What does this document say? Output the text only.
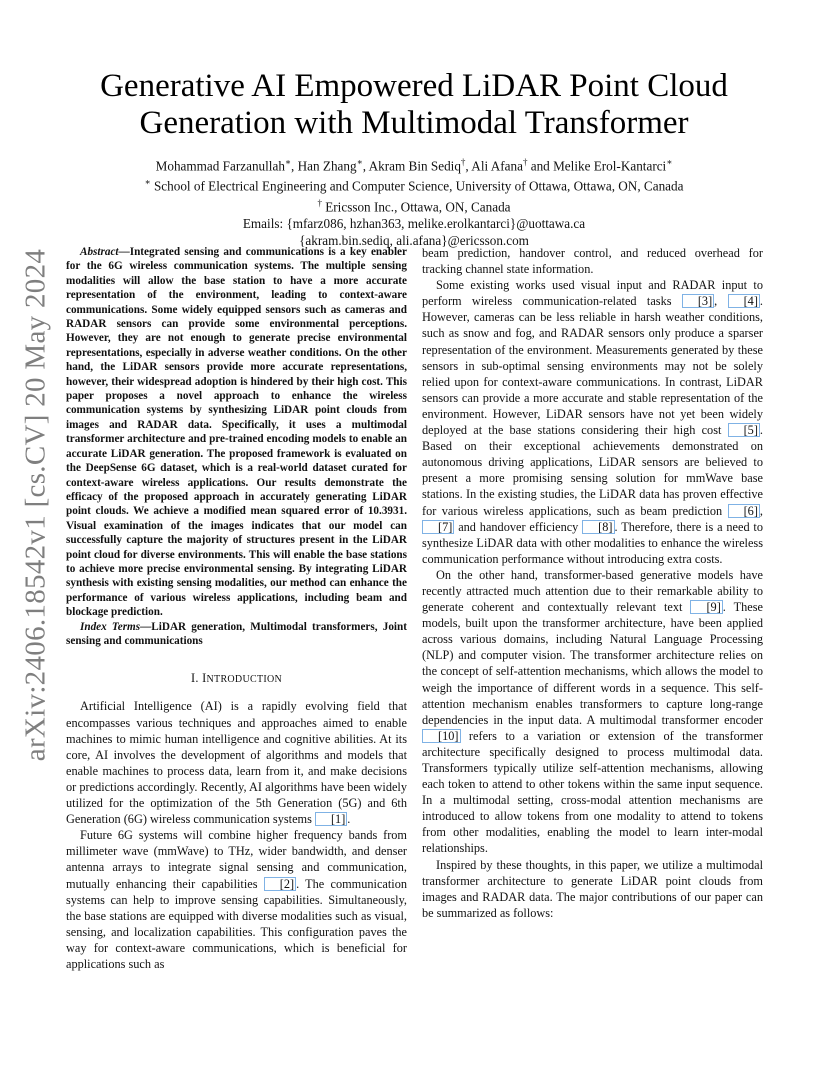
arXiv:2406.18542v1 [cs.CV] 20 May 2024
Generative AI Empowered LiDAR Point Cloud
Generation with Multimodal Transformer
Mohammad Farzanullah∗, Han Zhang∗, Akram Bin Sediq†, Ali Afana† and Melike Erol-Kantarci∗
∗ School of Electrical Engineering and Computer Science, University of Ottawa, Ottawa, ON, Canada
† Ericsson Inc., Ottawa, ON, Canada
Emails: {mfarz086, hzhan363, melike.erolkantarci}@uottawa.ca
{akram.bin.sediq, ali.afana}@ericsson.com

Abstract—Integrated sensing and communications is a key enabler for the 6G wireless communication systems. The multiple sensing modalities will allow the base station to have a more accurate representation of the environment, leading to context-aware communications. Some widely equipped sensors such as cameras and RADAR sensors can provide some environmental perceptions. However, they are not enough to generate precise environmental representations, especially in adverse weather conditions. On the other hand, the LiDAR sensors provide more accurate representations, however, their widespread adoption is hindered by their high cost. This paper proposes a novel approach to enhance the wireless communication systems by synthesizing LiDAR point clouds from images and RADAR data. Specifically, it uses a multimodal transformer architecture and pre-trained encoding models to enable an accurate LiDAR generation. The proposed framework is evaluated on the DeepSense 6G dataset, which is a real-world dataset curated for context-aware wireless applications. Our results demonstrate the efficacy of the proposed approach in accurately generating LiDAR point clouds. We achieve a modified mean squared error of 10.3931. Visual examination of the images indicates that our model can successfully capture the majority of structures present in the LiDAR point cloud for diverse environments. This will enable the base stations to achieve more precise environmental sensing. By integrating LiDAR synthesis with existing sensing modalities, our method can enhance the performance of various wireless applications, including beam and blockage prediction.

Index Terms—LiDAR generation, Multimodal transformers, Joint sensing and communications

I. INTRODUCTION

Artificial Intelligence (AI) is a rapidly evolving field that encompasses various techniques and approaches aimed to enable machines to mimic human intelligence and cognitive abilities. At its core, AI involves the development of algorithms and models that enable machines to process data, learn from it, and make decisions or predictions accordingly. Recently, AI algorithms have been widely utilized for the optimization of the 5th Generation (5G) and 6th Generation (6G) wireless communication systems [1] .

Future 6G systems will combine higher frequency bands from millimeter wave (mmWave) to THz, wider bandwidth, and denser antenna arrays to integrate signal sensing and communication, mutually enhancing their capabilities [2] . The communication systems can help to improve sensing capabilities. Simultaneously, the base stations are equipped with diverse modalities such as visual, sensing, and localization capabilities. This configuration paves the way for context-aware communications, which is beneficial for applications such as

beam prediction, handover control, and reduced overhead for tracking channel state information.

Some existing works used visual input and RADAR input to perform wireless communication-related tasks [3] , [4] . However, cameras can be less reliable in harsh weather conditions, such as snow and fog, and RADAR sensors only produce a sparser representation of the environment. Measurements generated by these sensors in sub-optimal sensing environments may not be solely relied upon for context-aware communications. In contrast, LiDAR sensors can provide a more accurate and stable representation of the environment. However, LiDAR sensors have not yet been widely deployed at the base stations considering their high cost [5] . Based on their exceptional achievements demonstrated on autonomous driving applications, LiDAR sensors are believed to present a more promising sensing solution for mmWave base stations. In the existing studies, the LiDAR data has proven effective for various wireless applications, such as beam prediction [6] , [7] and handover efficiency [8] . Therefore, there is a need to synthesize LiDAR data with other modalities to enhance the wireless communication performance without introducing extra costs.

On the other hand, transformer-based generative models have recently attracted much attention due to their remarkable ability to generate coherent and contextually relevant text [9] . These models, built upon the transformer architecture, have been applied across various domains, including Natural Language Processing (NLP) and computer vision. The transformer architecture relies on the concept of self-attention mechanisms, which allows the model to weigh the importance of different words in a sequence. This self-attention mechanism enables transformers to capture long-range dependencies in the input data. A multimodal transformer encoder [10] refers to a variation or extension of the transformer architecture specifically designed to process multimodal data. Transformers typically utilize self-attention mechanisms, allowing each token to attend to other tokens within the same input sequence. In a multimodal setting, cross-modal attention mechanisms are introduced to allow tokens from one modality to attend to tokens from other modalities, enabling the model to learn inter-modal relationships.

Inspired by these thoughts, in this paper, we utilize a multimodal transformer architecture to generate LiDAR point clouds from images and RADAR data. The major contributions of our paper can be summarized as follows:
